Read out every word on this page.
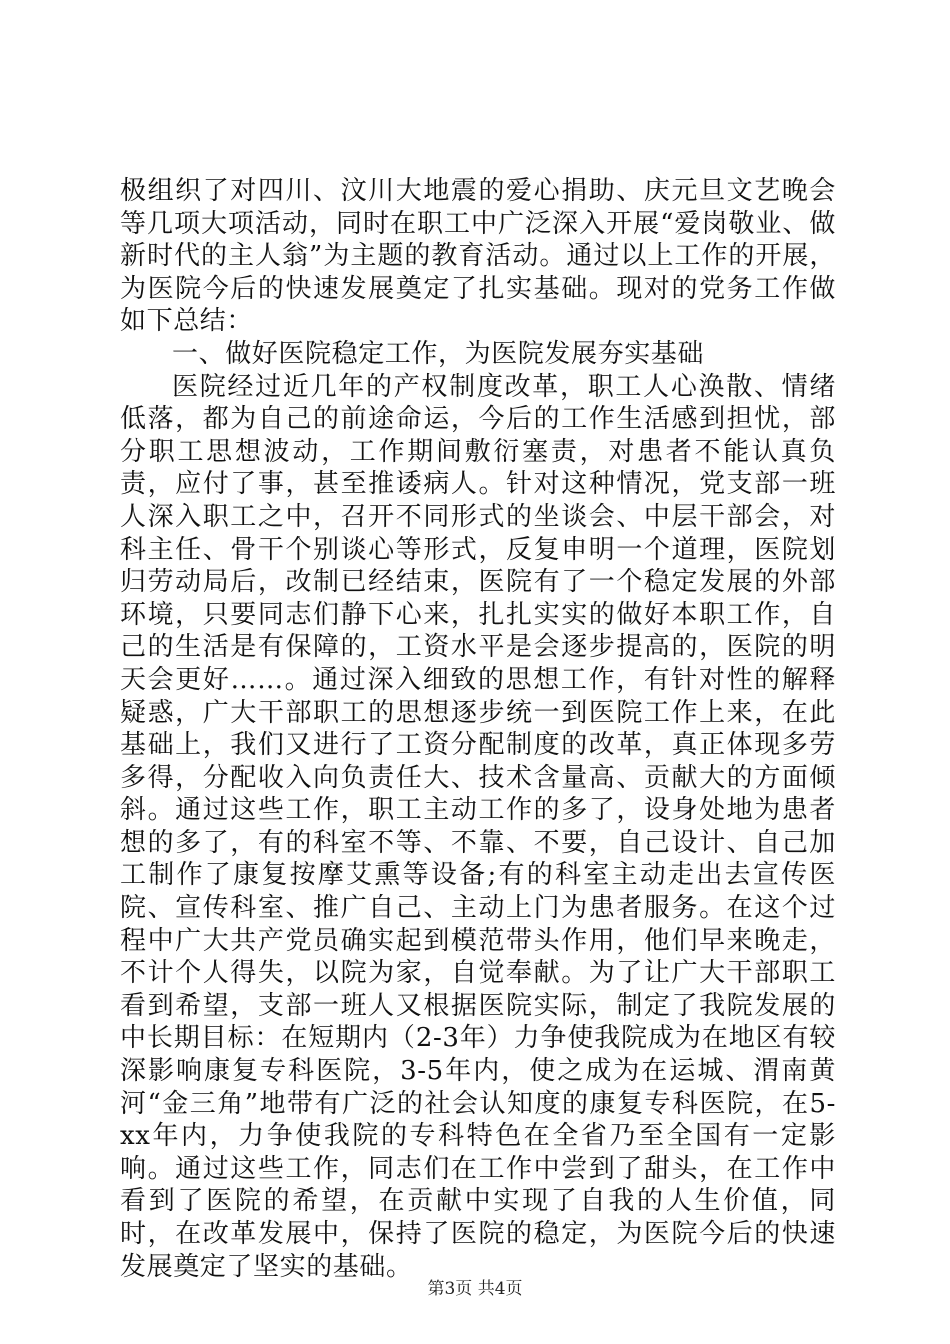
极组织了对四川、汶川大地震的爱心捐助、庆元旦文艺晚会等几项大项活动，同时在职工中广泛深入开展“爱岗敬业、做新时代的主人翁”为主题的教育活动。通过以上工作的开展，为医院今后的快速发展奠定了扎实基础。现对的党务工作做如下总结：

一、做好医院稳定工作，为医院发展夯实基础

医院经过近几年的产权制度改革，职工人心涣散、情绪低落，都为自己的前途命运，今后的工作生活感到担忧，部分职工思想波动，工作期间敷衍塞责，对患者不能认真负责，应付了事，甚至推诿病人。针对这种情况，党支部一班人深入职工之中，召开不同形式的坐谈会、中层干部会，对科主任、骨干个别谈心等形式，反复申明一个道理，医院划归劳动局后，改制已经结束，医院有了一个稳定发展的外部环境，只要同志们静下心来，扎扎实实的做好本职工作，自己的生活是有保障的，工资水平是会逐步提高的，医院的明天会更好……。通过深入细致的思想工作，有针对性的解释疑惑，广大干部职工的思想逐步统一到医院工作上来，在此基础上，我们又进行了工资分配制度的改革，真正体现多劳多得，分配收入向负责任大、技术含量高、贡献大的方面倾斜。通过这些工作，职工主动工作的多了，设身处地为患者想的多了，有的科室不等、不靠、不要，自己设计、自己加工制作了康复按摩艾熏等设备;有的科室主动走出去宣传医院、宣传科室、推广自己、主动上门为患者服务。在这个过程中广大共产党员确实起到模范带头作用，他们早来晚走，不计个人得失，以院为家，自觉奉献。为了让广大干部职工看到希望，支部一班人又根据医院实际，制定了我院发展的中长期目标：在短期内（2-3年）力争使我院成为在地区有较深影响康复专科医院，3-5年内，使之成为在运城、渭南黄河“金三角”地带有广泛的社会认知度的康复专科医院，在5-xx年内，力争使我院的专科特色在全省乃至全国有一定影响。通过这些工作，同志们在工作中尝到了甜头，在工作中看到了医院的希望，在贡献中实现了自我的人生价值，同时，在改革发展中，保持了医院的稳定，为医院今后的快速发展奠定了坚实的基础。

第3页 共4页
